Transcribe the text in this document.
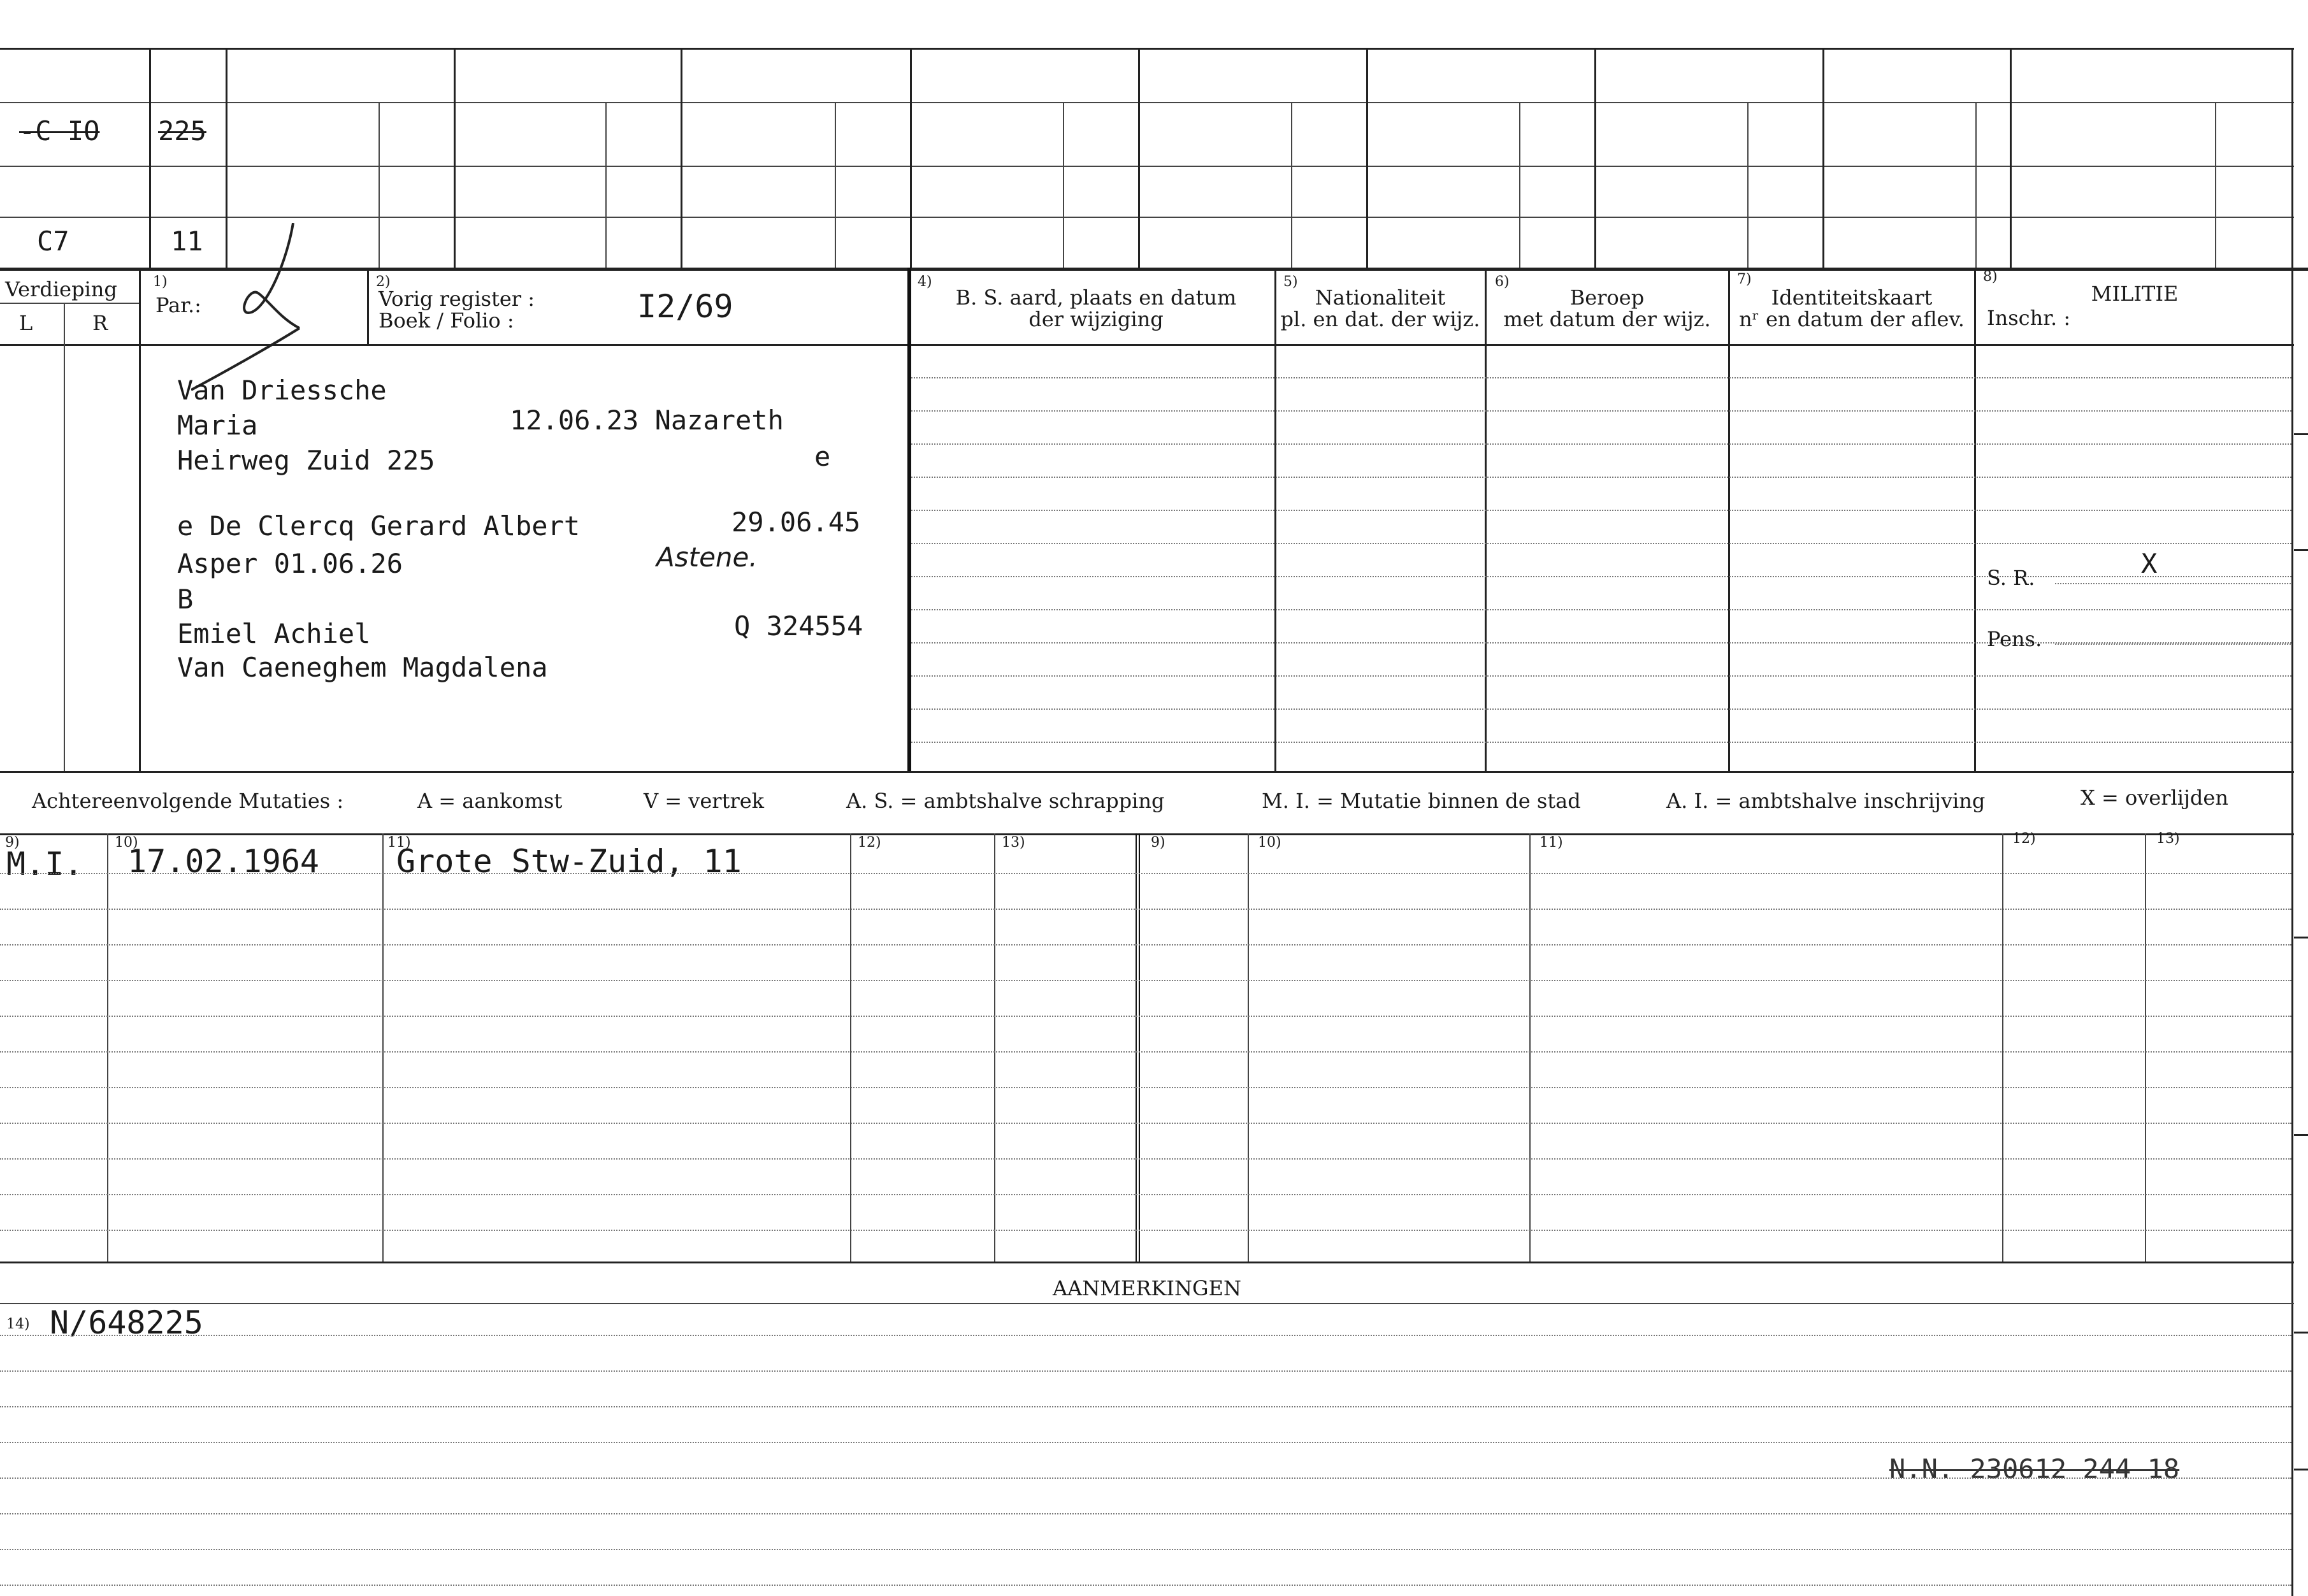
-C IO 225
C7	11
Verdieping
L	R
1)
Par.:
2)
Vorig register :
Boek / Folio :	I2/69
4)
B. S. aard, plaats en datum
der wijziging
5)
Nationaliteit
pl. en dat. der wijz.
6)
Beroep
met datum der wijz.
7)
Identiteitskaart
nʳ en datum der aflev.
8)
MILITIE
Inschr. :
S. R.	X
Pens.
Van Driessche
Maria	12.06.23 Nazareth
Heirweg Zuid 225	e
e De Clercq Gerard Albert	29.06.45
Asper 01.06.26	Astene.
B
Emiel Achiel	Q 324554
Van Caeneghem Magdalena
Achtereenvolgende Mutaties :	A = aankomst	V = vertrek	A. S. = ambtshalve schrapping	M. I. = Mutatie binnen de stad	A. I. = ambtshalve inschrijving	X = overlijden
9)	10)	11)	12)	13)	9)	10)	11)	12)	13)
M.I. 17.02.1964 Grote Stw-Zuid, 11
AANMERKINGEN
14) N/648225
N.N. 230612 244 18
